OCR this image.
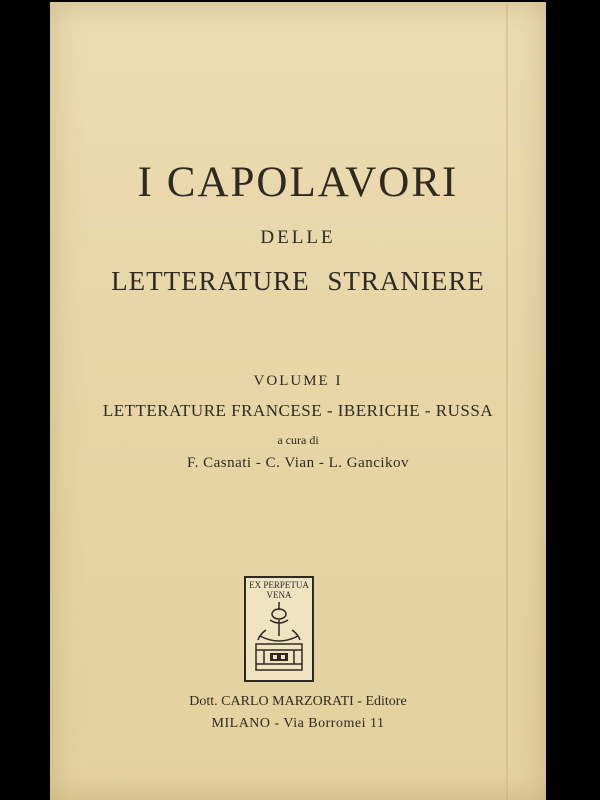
I CAPOLAVORI
DELLE
LETTERATURE STRANIERE
VOLUME I
LETTERATURE FRANCESE - IBERICHE - RUSSA
a cura di
F. Casnati - C. Vian - L. Gancikov
EX PERPETUA
VENA
Dott. CARLO MARZORATI - Editore
MILANO - Via Borromei 11
